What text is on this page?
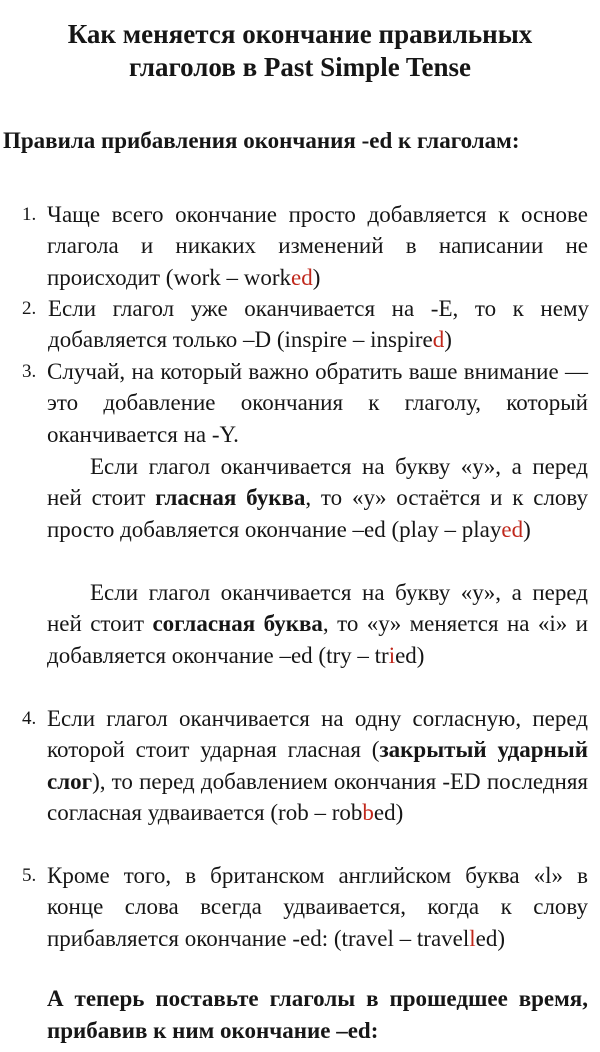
Как меняется окончание правильных
глаголов в Past Simple Tense

Правила прибавления окончания -ed к глаголам:

1. Чаще всего окончание просто добавляется к основе глагола и никаких изменений в написании не происходит (work – worked)

2. Если глагол уже оканчивается на -E, то к нему добавляется только –D (inspire – inspired)

3. Случай, на который важно обратить ваше внимание — это добавление окончания к глаголу, который оканчивается на -Y.

Если глагол оканчивается на букву «y», а перед ней стоит гласная буква, то «y» остаётся и к слову просто добавляется окончание –ed (play – played)

Если глагол оканчивается на букву «y», а перед ней стоит согласная буква, то «y» меняется на «i» и добавляется окончание –ed (try – tried)

4. Если глагол оканчивается на одну согласную, перед которой стоит ударная гласная (закрытый ударный слог), то перед добавлением окончания -ED последняя согласная удваивается (rob – robbed)

5. Кроме того, в британском английском буква «l» в конце слова всегда удваивается, когда к слову прибавляется окончание -ed: (travel – travelled)

А теперь поставьте глаголы в прошедшее время, прибавив к ним окончание –ed:
